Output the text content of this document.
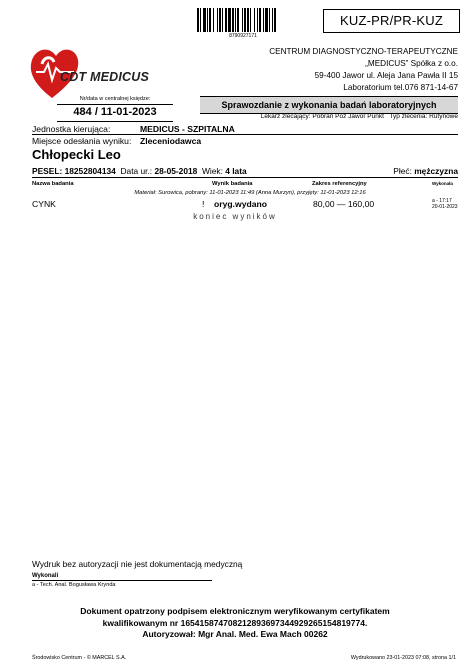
8790927171
KUZ-PR/PR-KUZ
CDT MEDICUS
CENTRUM DIAGNOSTYCZNO-TERAPEUTYCZNE
„MEDICUS” Spółka z o.o.
59-400 Jawor ul. Aleja Jana Pawła II 15
Laboratorium tel.076 871-14-67
Nr/data w centralnej księdze:
484 / 11-01-2023
Sprawozdanie z wykonania badań laboratoryjnych
Lekarz zlecający: Pobrań Poz Jawor Punkt Typ zlecenia: Rutynowe
Jednostka kierująca:	MEDICUS - SZPITALNA
Miejsce odesłania wyniku: Zleceniodawca
Chłopecki Leo
PESEL: 18252804134 Data ur.: 28-05-2018 Wiek: 4 lata	Płeć: mężczyzna
Nazwa badania	Wynik badania	Zakres referencyjny	Wykonała
Materiał: Surowica, pobrany: 11-01-2023 11:49 (Anna Murzyn), przyjęty: 11-01-2023 12:16
CYNK	! oryg.wydano	80,00 — 160,00	a - 17:17
20-01-2023
koniec wyników
Wydruk bez autoryzacji nie jest dokumentacją medyczną
Wykonali
a - Tech. Anal. Bogusława Krynda
Dokument opatrzony podpisem elektronicznym weryfikowanym certyfikatem
kwalifikowanym nr 165415874708212893697344929265154819774.
Autoryzował: Mgr Anal. Med. Ewa Mach 00262
Środowisko Centrum - © MARCEL S.A.	Wydrukowano 23-01-2023 07:08, strona 1/1
